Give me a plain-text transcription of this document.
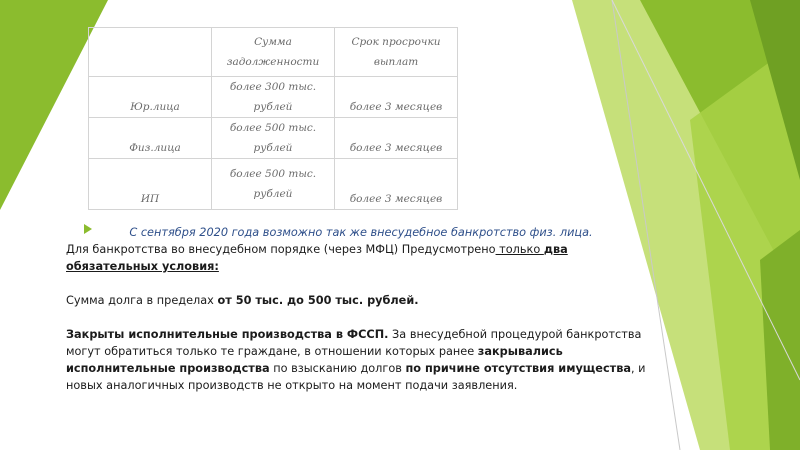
	Сумма задолженности	Срок просрочки выплат
Юр.лица	более 300 тыс. рублей	более 3 месяцев
Физ.лица	более 500 тыс. рублей	более 3 месяцев
ИП	более 500 тыс. рублей	более 3 месяцев
С сентября 2020 года возможно так же внесудебное банкротство физ. лица.
Для банкротства во внесудебном порядке (через МФЦ) Предусмотрено только два обязательных условия:
Сумма долга в пределах от 50 тыс. до 500 тыс. рублей.
Закрыты исполнительные производства в ФССП. За внесудебной процедурой банкротства могут обратиться только те граждане, в отношении которых ранее закрывались исполнительные производства по взысканию долгов по причине отсутствия имущества, и новых аналогичных производств не открыто на момент подачи заявления.
